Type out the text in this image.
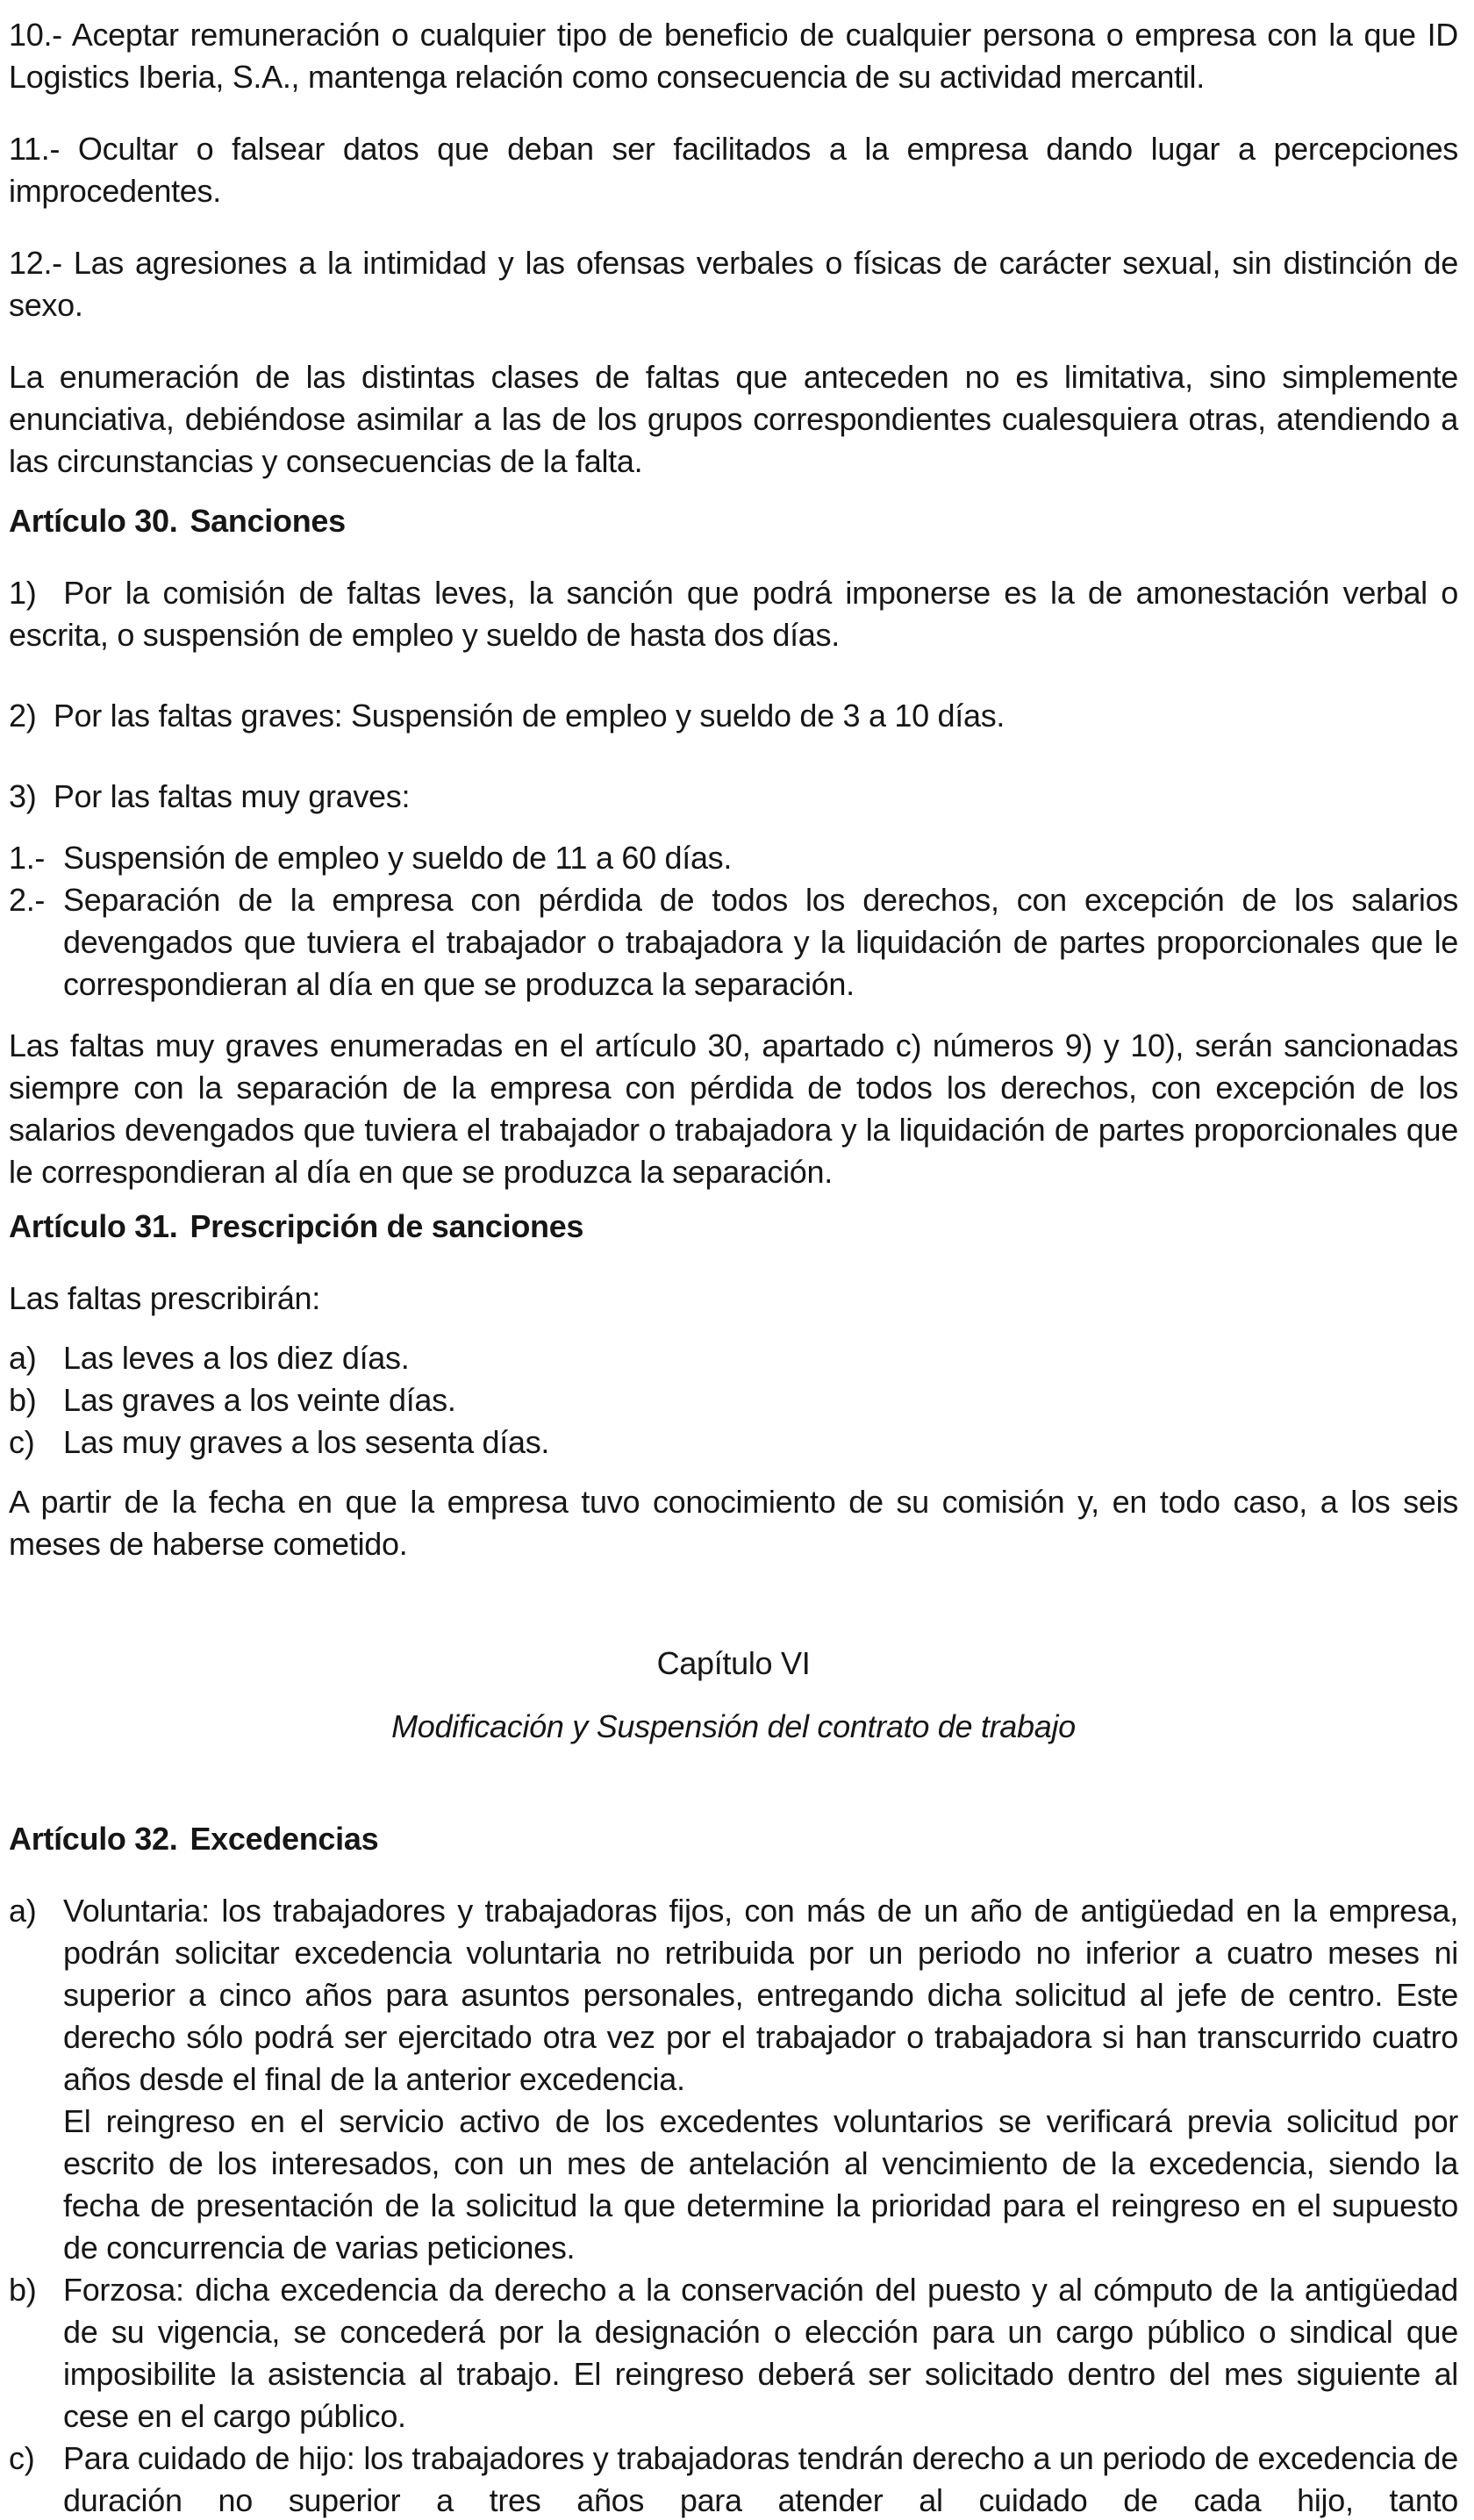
10.- Aceptar remuneración o cualquier tipo de beneficio de cualquier persona o empresa con la que ID Logistics Iberia, S.A., mantenga relación como consecuencia de su actividad mercantil.

11.- Ocultar o falsear datos que deban ser facilitados a la empresa dando lugar a percepciones improcedentes.

12.- Las agresiones a la intimidad y las ofensas verbales o físicas de carácter sexual, sin distinción de sexo.

La enumeración de las distintas clases de faltas que anteceden no es limitativa, sino simplemente enunciativa, debiéndose asimilar a las de los grupos correspondientes cualesquiera otras, atendiendo a las circunstancias y consecuencias de la falta.

Artículo 30. Sanciones

1)  Por la comisión de faltas leves, la sanción que podrá imponerse es la de amonestación verbal o escrita, o suspensión de empleo y sueldo de hasta dos días.

2)  Por las faltas graves: Suspensión de empleo y sueldo de 3 a 10 días.

3)  Por las faltas muy graves:

1.- Suspensión de empleo y sueldo de 11 a 60 días.

2.- Separación de la empresa con pérdida de todos los derechos, con excepción de los salarios devengados que tuviera el trabajador o trabajadora y la liquidación de partes proporcionales que le correspondieran al día en que se produzca la separación.

Las faltas muy graves enumeradas en el artículo 30, apartado c) números 9) y 10), serán sancionadas siempre con la separación de la empresa con pérdida de todos los derechos, con excepción de los salarios devengados que tuviera el trabajador o trabajadora y la liquidación de partes proporcionales que le correspondieran al día en que se produzca la separación.

Artículo 31. Prescripción de sanciones

Las faltas prescribirán:

a) Las leves a los diez días.

b) Las graves a los veinte días.

c) Las muy graves a los sesenta días.

A partir de la fecha en que la empresa tuvo conocimiento de su comisión y, en todo caso, a los seis meses de haberse cometido.

Capítulo VI

Modificación y Suspensión del contrato de trabajo

Artículo 32. Excedencias

a) Voluntaria: los trabajadores y trabajadoras fijos, con más de un año de antigüedad en la empresa, podrán solicitar excedencia voluntaria no retribuida por un periodo no inferior a cuatro meses ni superior a cinco años para asuntos personales, entregando dicha solicitud al jefe de centro. Este derecho sólo podrá ser ejercitado otra vez por el trabajador o trabajadora si han transcurrido cuatro años desde el final de la anterior excedencia.

El reingreso en el servicio activo de los excedentes voluntarios se verificará previa solicitud por escrito de los interesados, con un mes de antelación al vencimiento de la excedencia, siendo la fecha de presentación de la solicitud la que determine la prioridad para el reingreso en el supuesto de concurrencia de varias peticiones.

b) Forzosa: dicha excedencia da derecho a la conservación del puesto y al cómputo de la antigüedad de su vigencia, se concederá por la designación o elección para un cargo público o sindical que imposibilite la asistencia al trabajo. El reingreso deberá ser solicitado dentro del mes siguiente al cese en el cargo público.

c) Para cuidado de hijo: los trabajadores y trabajadoras tendrán derecho a un periodo de excedencia de duración no superior a tres años para atender al cuidado de cada hijo, tanto
